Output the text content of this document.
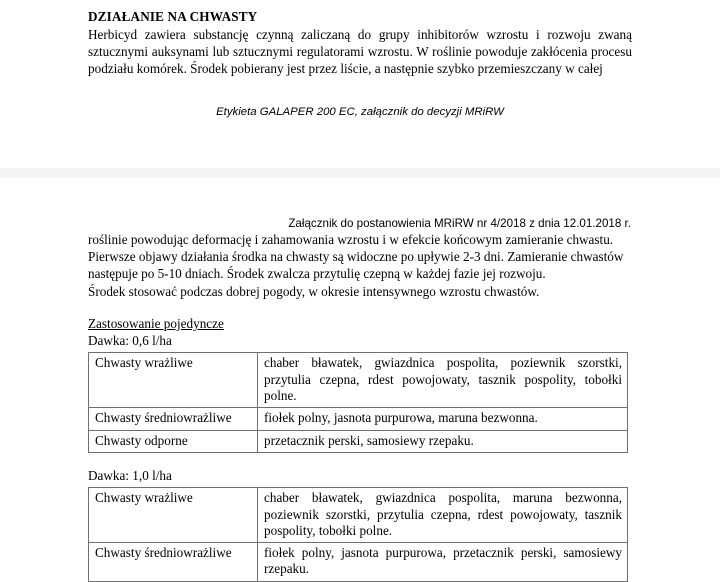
DZIAŁANIE NA CHWASTY

Herbicyd zawiera substancję czynną zaliczaną do grupy inhibitorów wzrostu i rozwoju zwaną sztucznymi auksynami lub sztucznymi regulatorami wzrostu. W roślinie powoduje zakłócenia procesu podziału komórek. Środek pobierany jest przez liście, a następnie szybko przemieszczany w całej

Etykieta GALAPER 200 EC, załącznik do decyzji MRiRW
Załącznik do postanowienia MRiRW nr 4/2018 z dnia 12.01.2018 r.
roślinie powodując deformację i zahamowania wzrostu i w efekcie końcowym zamieranie chwastu.
Pierwsze objawy działania środka na chwasty są widoczne po upływie 2-3 dni. Zamieranie chwastów
następuje po 5-10 dniach. Środek zwalcza przytulię czepną w każdej fazie jej rozwoju.
Środek stosować podczas dobrej pogody, w okresie intensywnego wzrostu chwastów.
Zastosowanie pojedyncze
Dawka: 0,6 l/ha
Chwasty wrażliwe	chaber bławatek, gwiazdnica pospolita, poziewnik szorstki, przytulia czepna, rdest powojowaty, tasznik pospolity, tobołki polne.
Chwasty średniowrażliwe	fiołek polny, jasnota purpurowa, maruna bezwonna.
Chwasty odporne	przetacznik perski, samosiewy rzepaku.
Dawka: 1,0 l/ha
Chwasty wrażliwe	chaber bławatek, gwiazdnica pospolita, maruna bezwonna, poziewnik szorstki, przytulia czepna, rdest powojowaty, tasznik pospolity, tobołki polne.
Chwasty średniowrażliwe	fiołek polny, jasnota purpurowa, przetacznik perski, samosiewy rzepaku.
